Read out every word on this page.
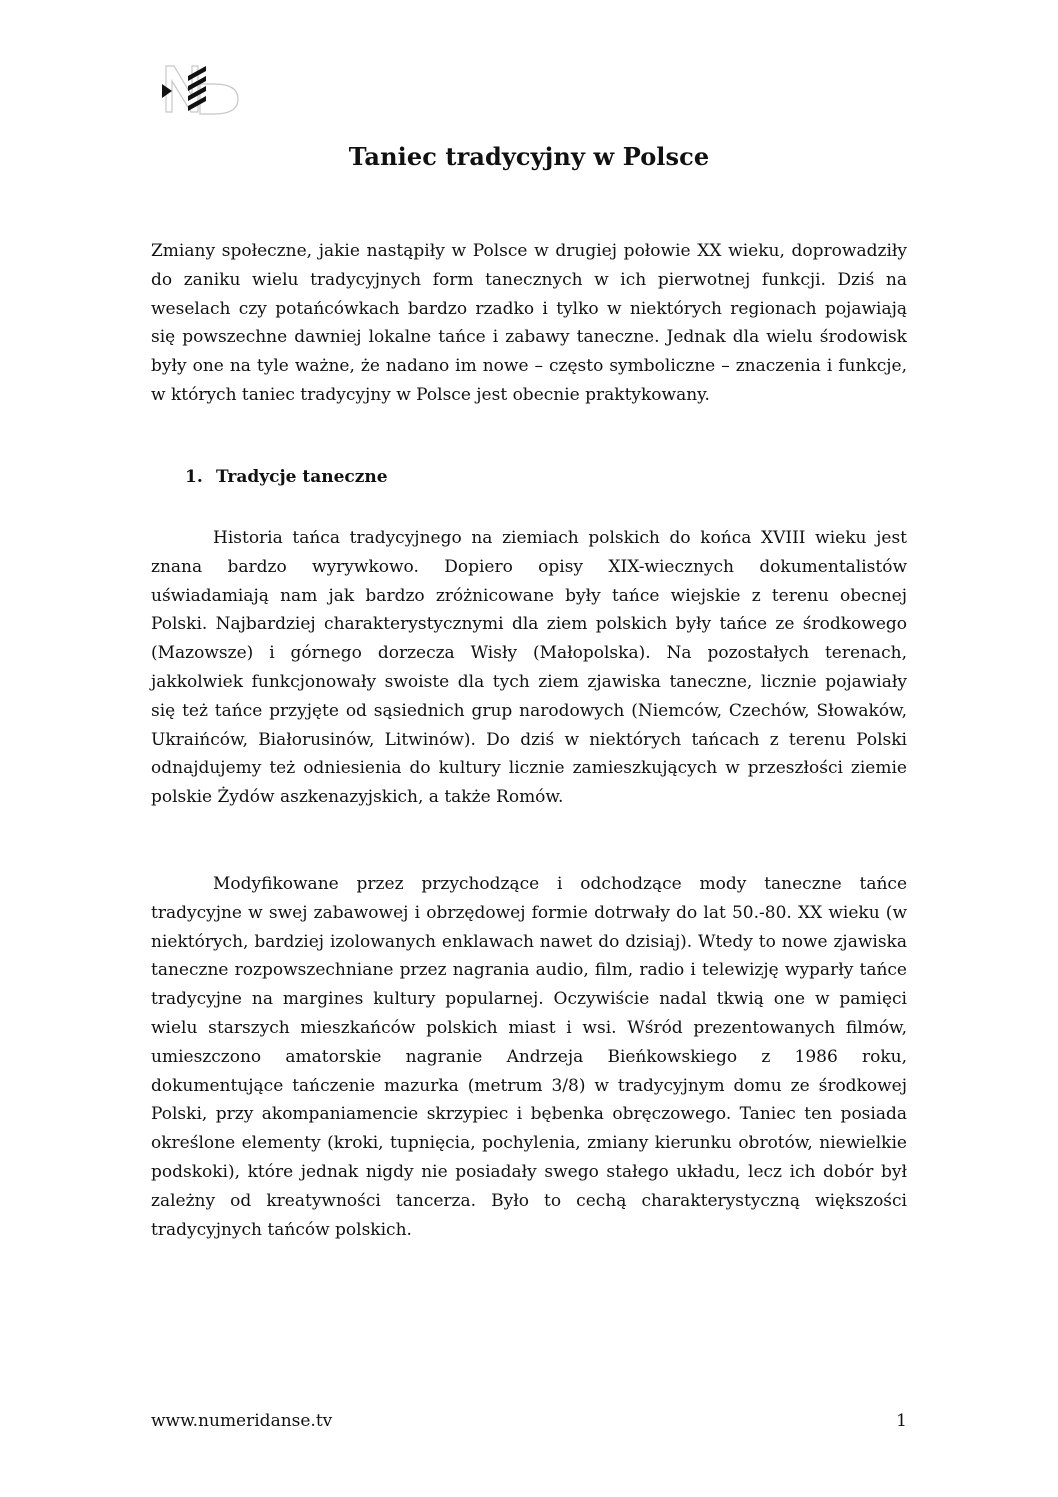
Taniec tradycyjny w Polsce

Zmiany społeczne, jakie nastąpiły w Polsce w drugiej połowie XX wieku, doprowadziły do zaniku wielu tradycyjnych form tanecznych w ich pierwotnej funkcji. Dziś na weselach czy potańcówkach bardzo rzadko i tylko w niektórych regionach pojawiają się powszechne dawniej lokalne tańce i zabawy taneczne. Jednak dla wielu środowisk były one na tyle ważne, że nadano im nowe – często symboliczne – znaczenia i funkcje, w których taniec tradycyjny w Polsce jest obecnie praktykowany.

1. Tradycje taneczne

Historia tańca tradycyjnego na ziemiach polskich do końca XVIII wieku jest znana bardzo wyrywkowo. Dopiero opisy XIX-wiecznych dokumentalistów uświadamiają nam jak bardzo zróżnicowane były tańce wiejskie z terenu obecnej Polski. Najbardziej charakterystycznymi dla ziem polskich były tańce ze środkowego (Mazowsze) i górnego dorzecza Wisły (Małopolska). Na pozostałych terenach, jakkolwiek funkcjonowały swoiste dla tych ziem zjawiska taneczne, licznie pojawiały się też tańce przyjęte od sąsiednich grup narodowych (Niemców, Czechów, Słowaków, Ukraińców, Białorusinów, Litwinów). Do dziś w niektórych tańcach z terenu Polski odnajdujemy też odniesienia do kultury licznie zamieszkujących w przeszłości ziemie polskie Żydów aszkenazyjskich, a także Romów.

Modyfikowane przez przychodzące i odchodzące mody taneczne tańce tradycyjne w swej zabawowej i obrzędowej formie dotrwały do lat 50.-80. XX wieku (w niektórych, bardziej izolowanych enklawach nawet do dzisiaj). Wtedy to nowe zjawiska taneczne rozpowszechniane przez nagrania audio, film, radio i telewizję wyparły tańce tradycyjne na margines kultury popularnej. Oczywiście nadal tkwią one w pamięci wielu starszych mieszkańców polskich miast i wsi. Wśród prezentowanych filmów, umieszczono amatorskie nagranie Andrzeja Bieńkowskiego z 1986 roku, dokumentujące tańczenie mazurka (metrum 3/8) w tradycyjnym domu ze środkowej Polski, przy akompaniamencie skrzypiec i bębenka obręczowego. Taniec ten posiada określone elementy (kroki, tupnięcia, pochylenia, zmiany kierunku obrotów, niewielkie podskoki), które jednak nigdy nie posiadały swego stałego układu, lecz ich dobór był zależny od kreatywności tancerza. Było to cechą charakterystyczną większości tradycyjnych tańców polskich.

www.numeridanse.tv	1
